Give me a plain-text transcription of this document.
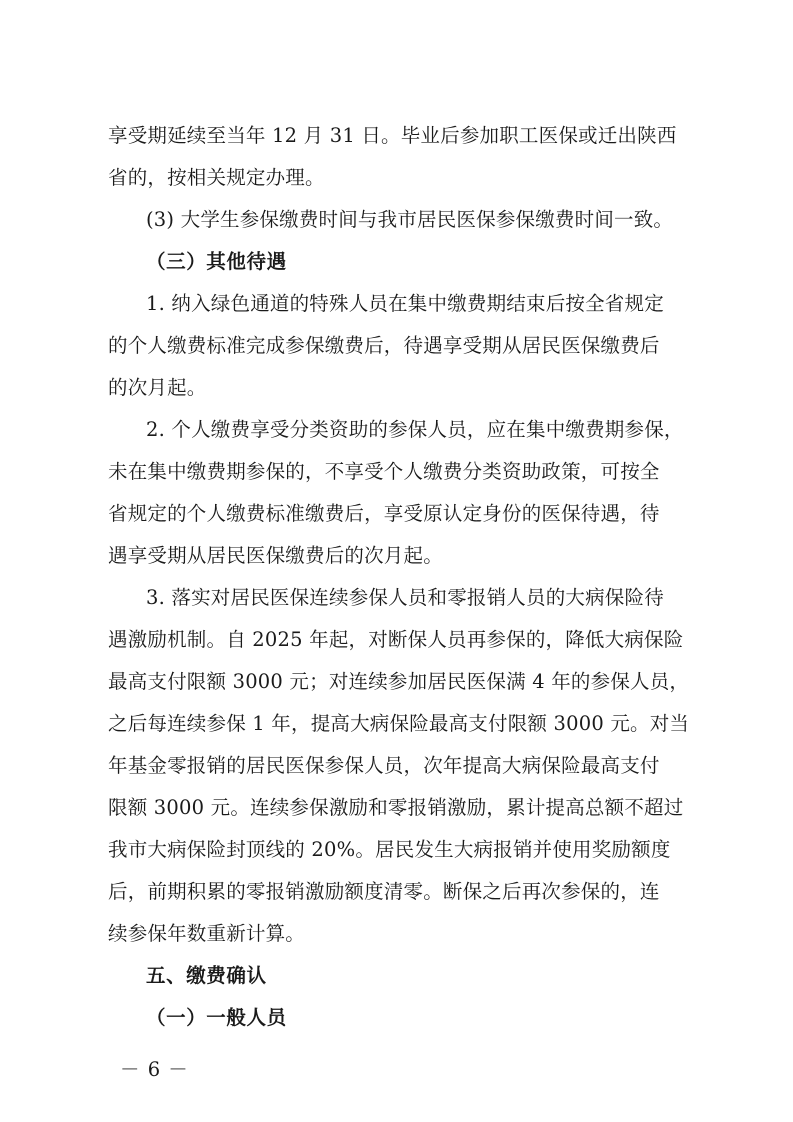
享受期延续至当年 12 月 31 日。毕业后参加职工医保或迁出陕西
省的，按相关规定办理。
(3) 大学生参保缴费时间与我市居民医保参保缴费时间一致。
（三）其他待遇
1. 纳入绿色通道的特殊人员在集中缴费期结束后按全省规定
的个人缴费标准完成参保缴费后，待遇享受期从居民医保缴费后
的次月起。
2. 个人缴费享受分类资助的参保人员，应在集中缴费期参保，
未在集中缴费期参保的，不享受个人缴费分类资助政策，可按全
省规定的个人缴费标准缴费后，享受原认定身份的医保待遇，待
遇享受期从居民医保缴费后的次月起。
3. 落实对居民医保连续参保人员和零报销人员的大病保险待
遇激励机制。自 2025 年起，对断保人员再参保的，降低大病保险
最高支付限额 3000 元；对连续参加居民医保满 4 年的参保人员，
之后每连续参保 1 年，提高大病保险最高支付限额 3000 元。对当
年基金零报销的居民医保参保人员，次年提高大病保险最高支付
限额 3000 元。连续参保激励和零报销激励，累计提高总额不超过
我市大病保险封顶线的 20%。居民发生大病报销并使用奖励额度
后，前期积累的零报销激励额度清零。断保之后再次参保的，连
续参保年数重新计算。
五、缴费确认
（一）一般人员
－ 6 －
